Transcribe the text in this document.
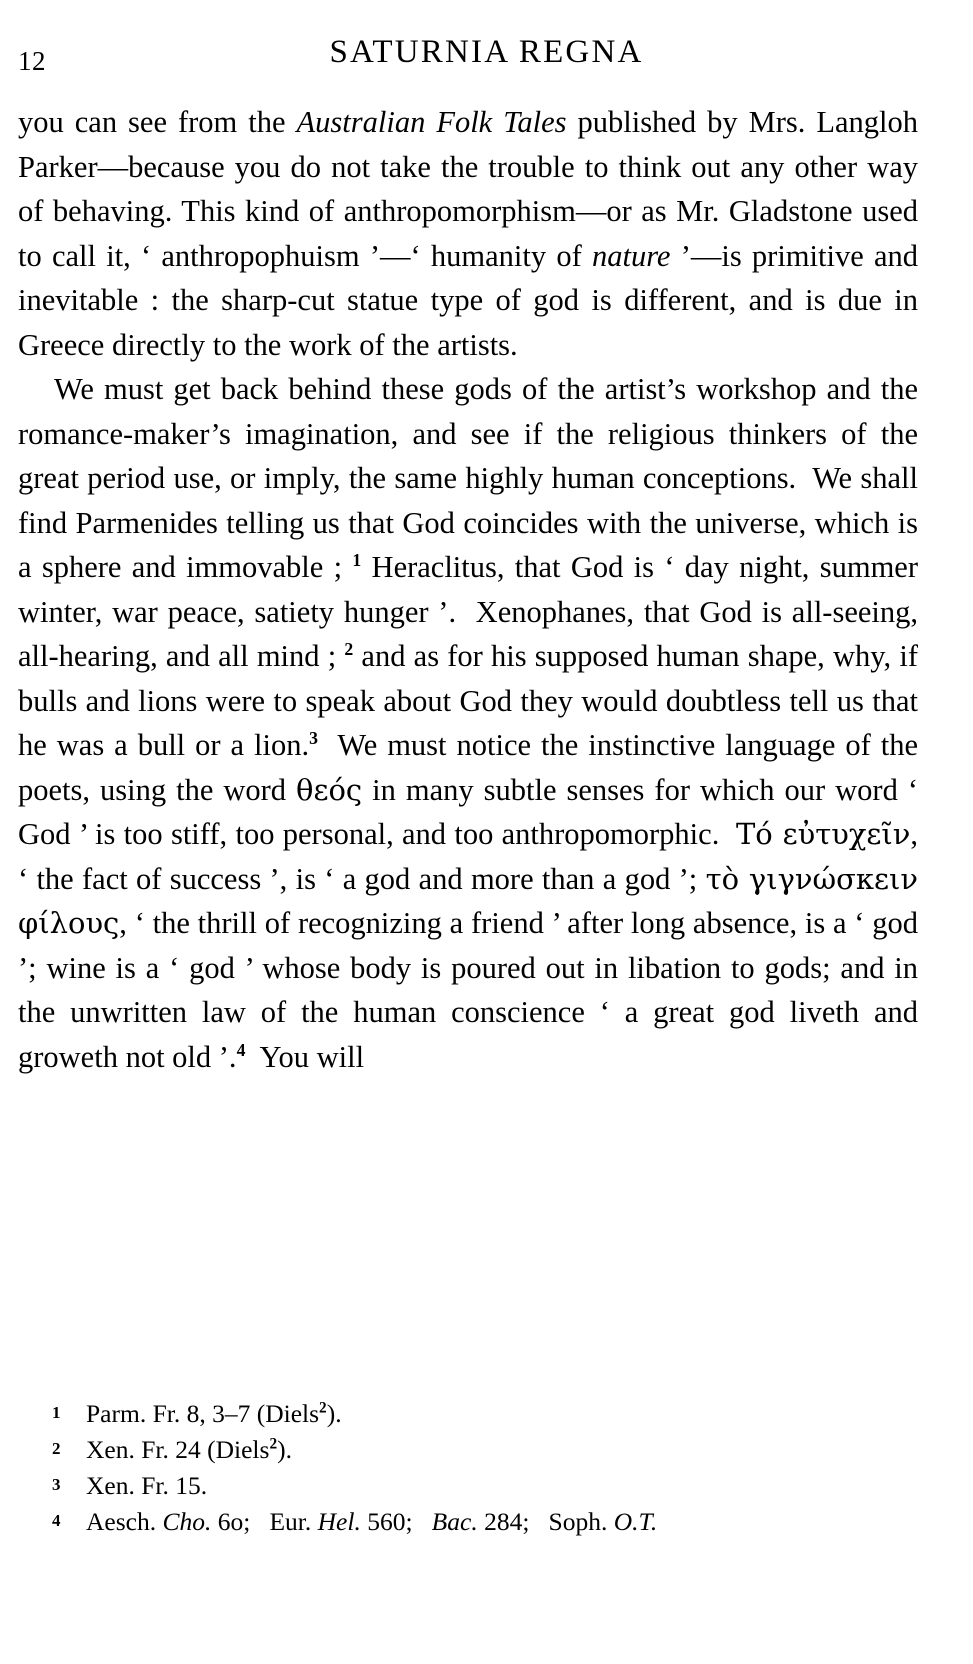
12	SATURNIA REGNA

you can see from the Australian Folk Tales published by Mrs. Langloh Parker—because you do not take the trouble to think out any other way of behaving. This kind of anthropomorphism—or as Mr. Gladstone used to call it, ‘ anthropophuism ’—‘ humanity of nature ’—is primitive and inevitable : the sharp-cut statue type of god is different, and is due in Greece directly to the work of the artists.

We must get back behind these gods of the artist’s workshop and the romance-maker’s imagination, and see if the religious thinkers of the great period use, or imply, the same highly human conceptions.  We shall find Parmenides telling us that God coincides with the universe, which is a sphere and immovable ; $^1$ Heraclitus, that God is ‘ day night, summer winter, war peace, satiety hunger ’.  Xenophanes, that God is all-seeing, all-hearing, and all mind ; $^2$ and as for his supposed human shape, why, if bulls and lions were to speak about God they would doubtless tell us that he was a bull or a lion.$^3$  We must notice the instinctive language of the poets, using the word θεός in many subtle senses for which our word ‘ God ’ is too stiff, too personal, and too anthropomorphic.  Τό εὐτυχεῖν, ‘ the fact of success ’, is ‘ a god and more than a god ’; τὸ γιγνώσκειν φίλους, ‘ the thrill of recognizing a friend ’ after long absence, is a ‘ god ’; wine is a ‘ god ’ whose body is poured out in libation to gods; and in the unwritten law of the human conscience ‘ a great god liveth and groweth not old ’.$^4$  You will

1 Parm. Fr. 8, 3–7 (Diels$^2$).
2 Xen. Fr. 24 (Diels$^2$).
3 Xen. Fr. 15.
4 Aesch. Cho. 6o;   Eur. Hel. 560;   Bac. 284;   Soph. O.T.
